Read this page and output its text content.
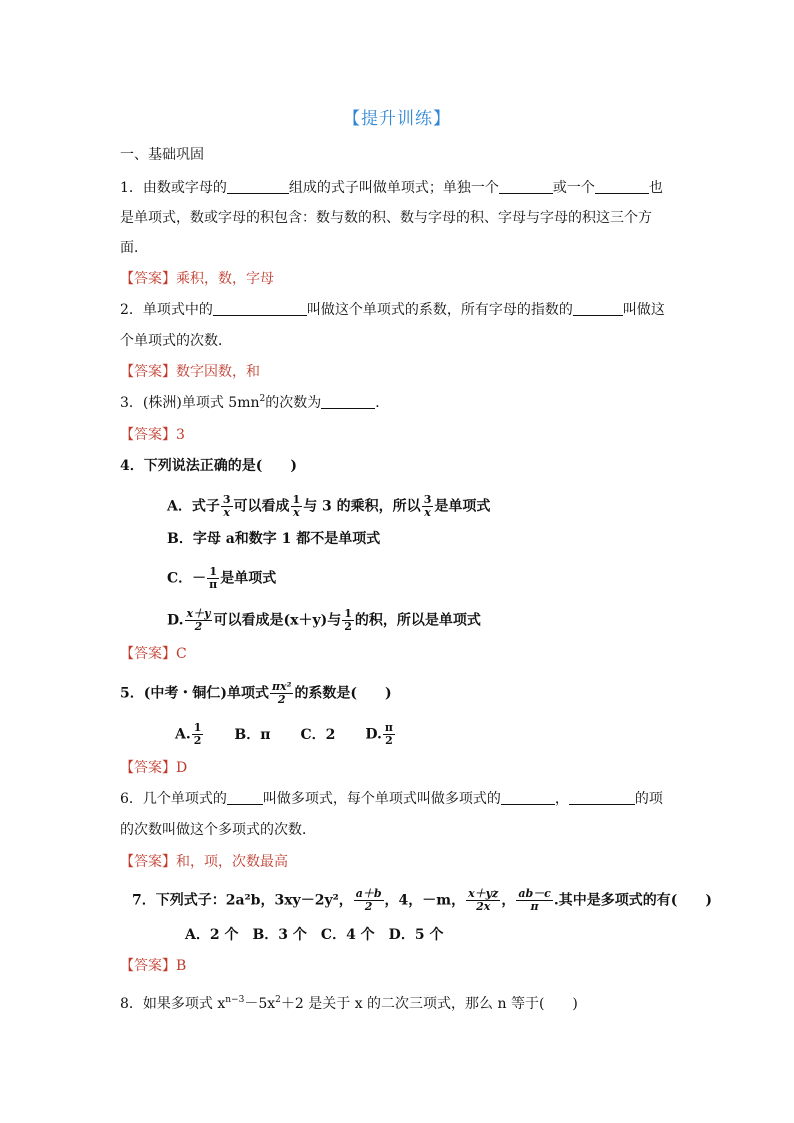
【提升训练】
一、基础巩固
1．由数或字母的	组成的式子叫做单项式；单独一个	或一个	也
是单项式，数或字母的积包含：数与数的积、数与字母的积、字母与字母的积这三个方
面．
【答案】乘积，数，字母
2．单项式中的	叫做这个单项式的系数，所有字母的指数的	叫做这
个单项式的次数．
【答案】数字因数，和
3．(株洲)单项式 $5mn^2$的次数为	．
【答案】3
4．下列说法正确的是(　　)
A．式子 $\frac{3}{x}$ 可以看成 $\frac{1}{x}$ 与 3 的乘积，所以 $\frac{3}{x}$ 是单项式
B．字母 a和数字 1 都不是单项式
C．－ $\frac{1}{\pi}$ 是单项式
D. $\frac{x+y}{2}$ 可以看成是(x＋y)与 $\frac{1}{2}$ 的积，所以是单项式
【答案】C
5．(中考・铜仁)单项式 $\frac{\text{πx²}}{2}$ 的系数是(　　)
A. $\frac{1}{2}$ B．π C．2 D. $\frac{\pi}{2}$
【答案】D
6．几个单项式的	叫做多项式，每个单项式叫做多项式的	，	的项
的次数叫做这个多项式的次数．
【答案】和，项，次数最高
7．下列式子：2a²b，3xy－2y²， $\frac{a+b}{2}$ ，4，－m， $\frac{x+yz}{2x}$ ， $\frac{ab-c}{\pi}$ .其中是多项式的有(　　)
A．2 个　B．3 个　C．4 个　D．5 个
【答案】B
8．如果多项式 $x^{n-3}-5x^2+2$ 是关于 x 的二次三项式，那么 n 等于(　　)
